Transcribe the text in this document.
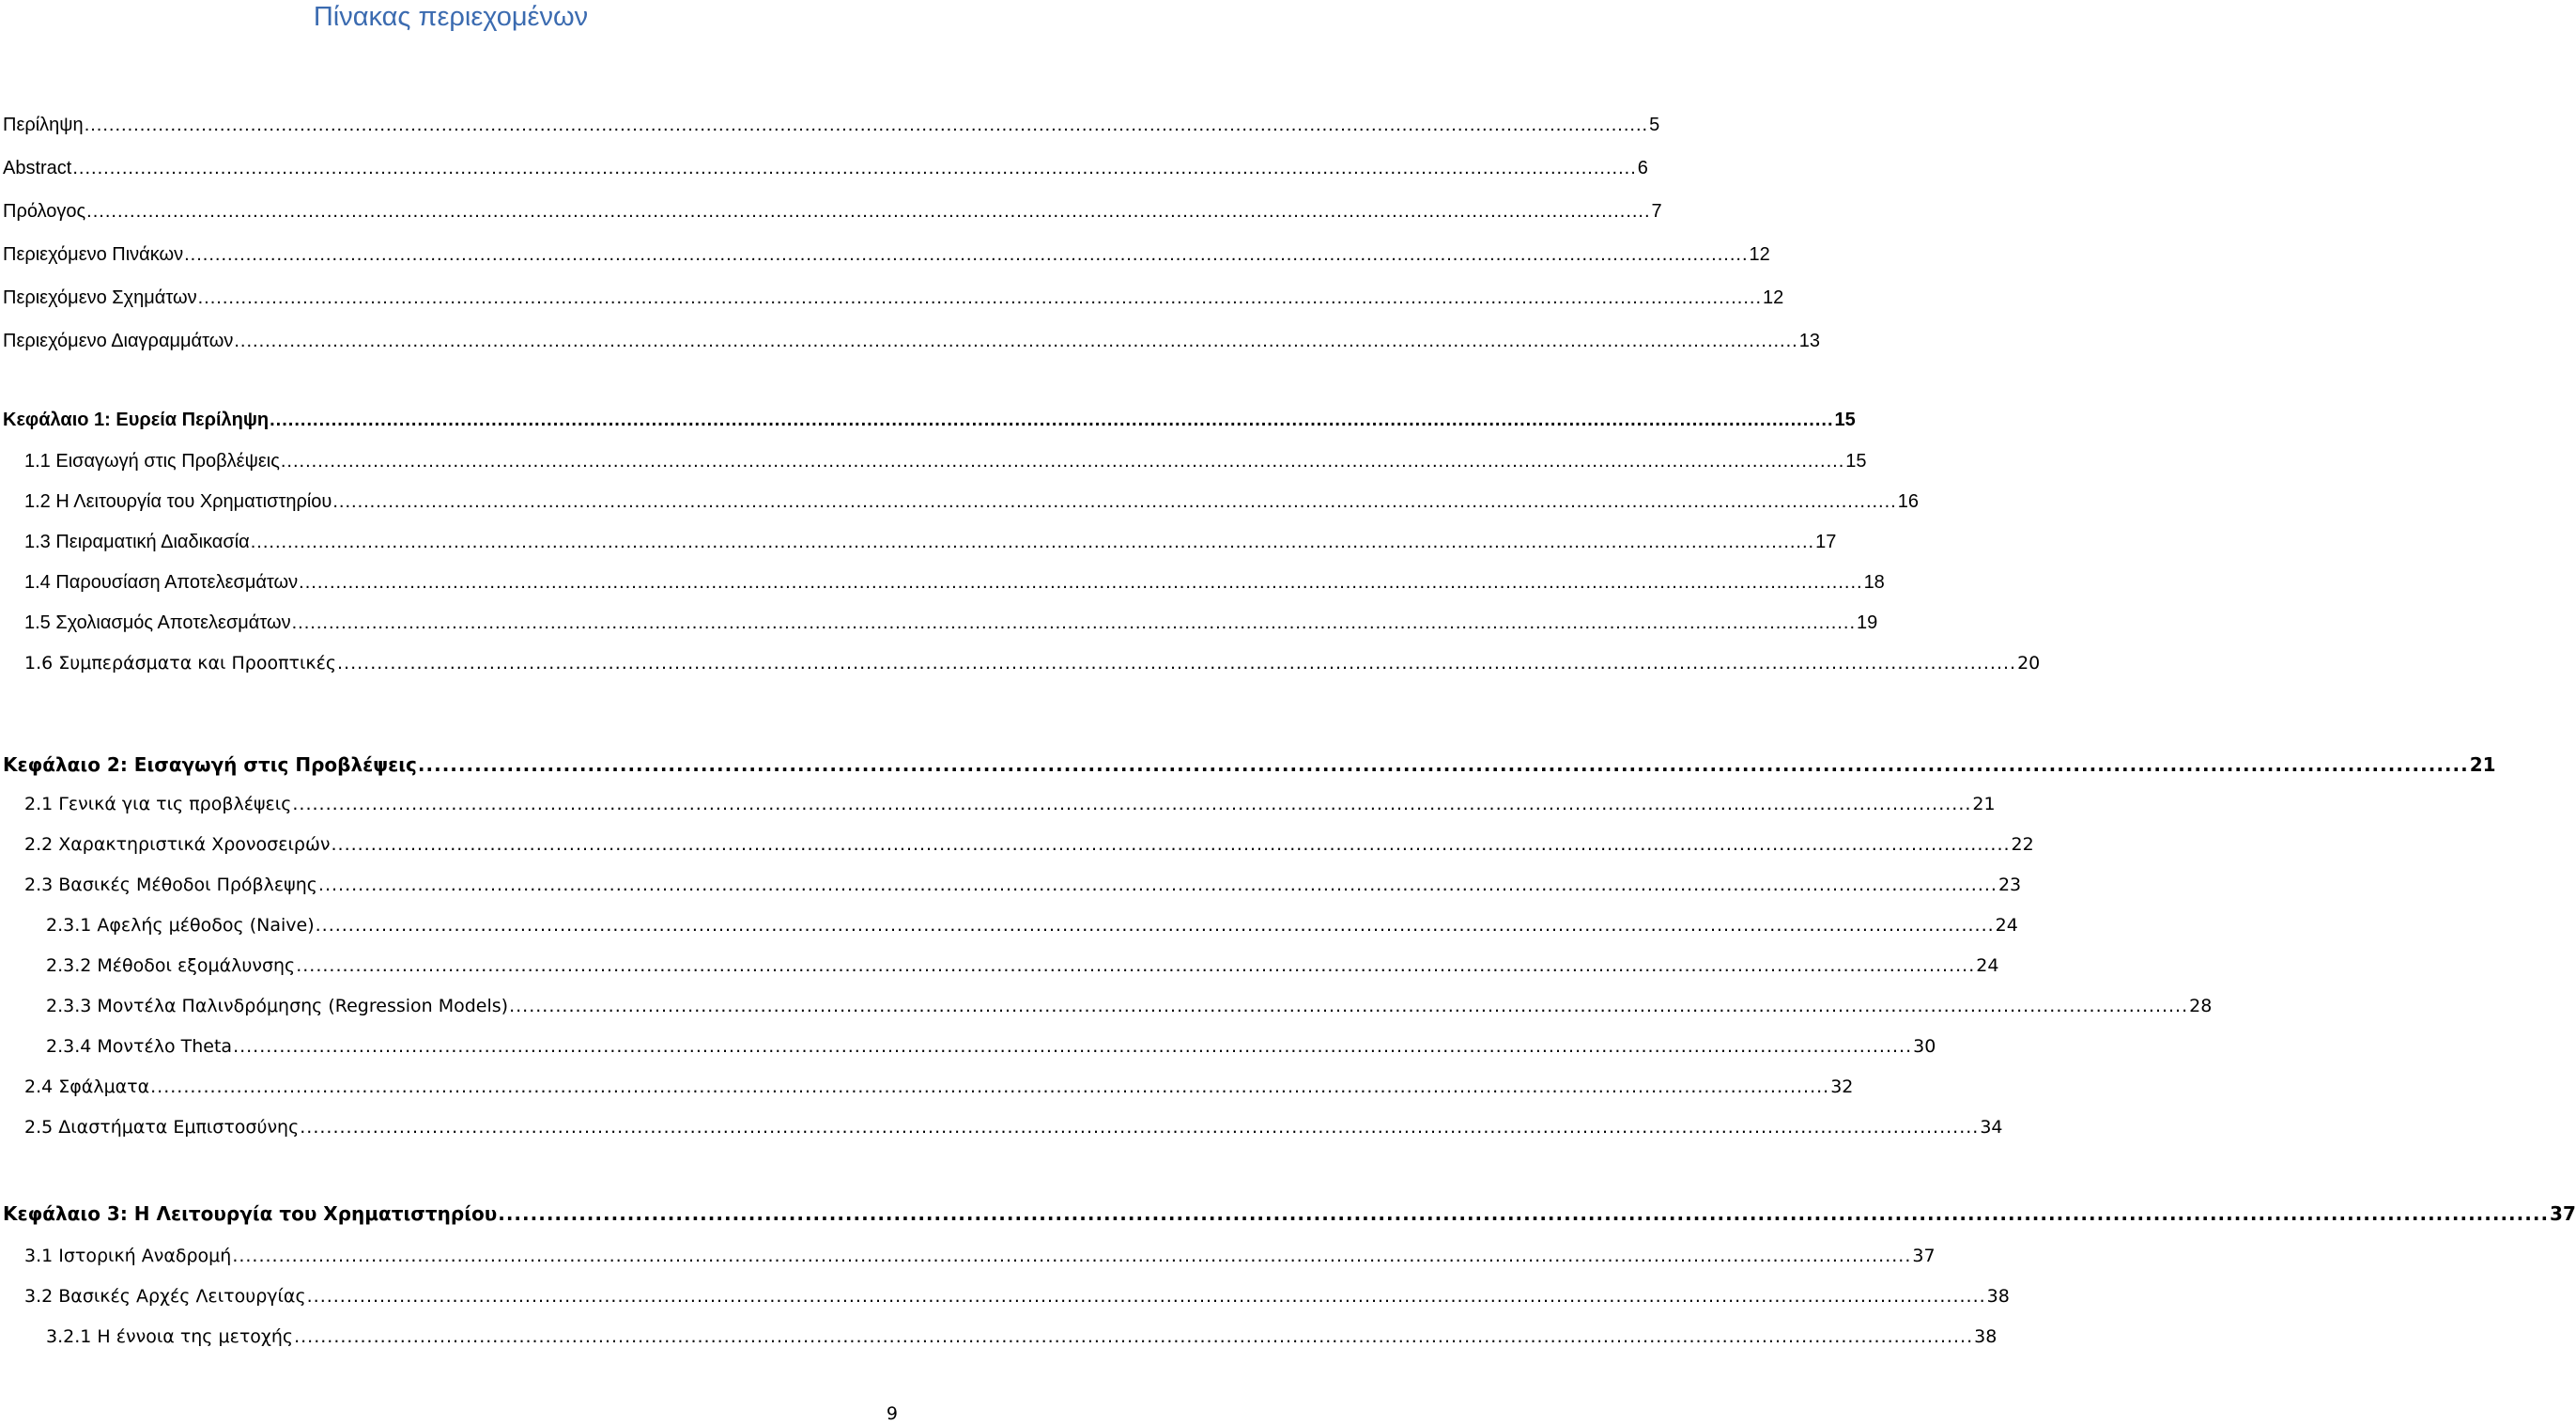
Πίνακας περιεχομένων
Περίληψη .....	5
Abstract .....	6
Πρόλογος .....	7
Περιεχόμενο Πινάκων .....	12
Περιεχόμενο Σχημάτων .....	12
Περιεχόμενο Διαγραμμάτων .....	13
Κεφάλαιο 1: Ευρεία Περίληψη .....	15
1.1 Εισαγωγή στις Προβλέψεις .....	15
1.2 Η Λειτουργία του Χρηματιστηρίου .....	16
1.3 Πειραματική Διαδικασία .....	17
1.4 Παρουσίαση Αποτελεσμάτων .....	18
1.5 Σχολιασμός Αποτελεσμάτων .....	19
1.6 Συμπεράσματα και Προοπτικές .....	20
Κεφάλαιο 2: Εισαγωγή στις Προβλέψεις .....	21
2.1 Γενικά για τις προβλέψεις .....	21
2.2 Χαρακτηριστικά Χρονοσειρών .....	22
2.3 Βασικές Μέθοδοι Πρόβλεψης .....	23
2.3.1 Αφελής μέθοδος (Naive) .....	24
2.3.2 Μέθοδοι εξομάλυνσης .....	24
2.3.3 Μοντέλα Παλινδρόμησης (Regression Models) .....	28
2.3.4 Μοντέλο Theta .....	30
2.4 Σφάλματα .....	32
2.5 Διαστήματα Εμπιστοσύνης .....	34
Κεφάλαιο 3: Η Λειτουργία του Χρηματιστηρίου .....	37
3.1 Ιστορική Αναδρομή .....	37
3.2 Βασικές Αρχές Λειτουργίας .....	38
3.2.1 Η έννοια της μετοχής .....	38
9
